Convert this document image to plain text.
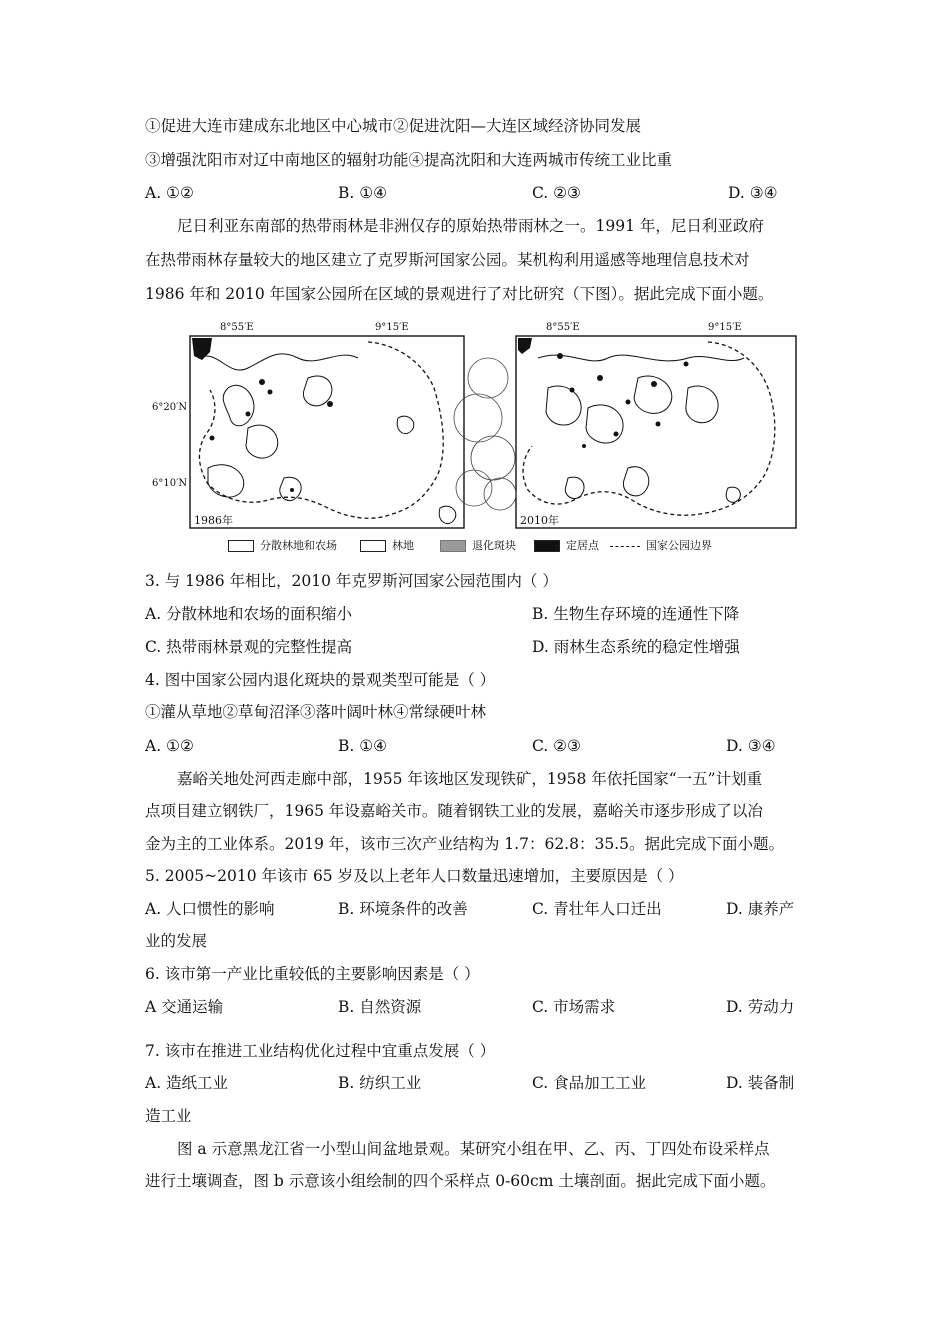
①促进大连市建成东北地区中心城市②促进沈阳—大连区域经济协同发展
③增强沈阳市对辽中南地区的辐射功能④提高沈阳和大连两城市传统工业比重
A. ①②	B. ①④	C. ②③	D. ③④
尼日利亚东南部的热带雨林是非洲仅存的原始热带雨林之一。1991 年，尼日利亚政府
在热带雨林存量较大的地区建立了克罗斯河国家公园。某机构利用遥感等地理信息技术对
1986 年和 2010 年国家公园所在区域的景观进行了对比研究（下图）。据此完成下面小题。
8°55′E	9°15′E	8°55′E	9°15′E
6°20′N
6°10′N
1986年	2010年
分散林地和农场	林地	退化斑块	定居点	国家公园边界
3. 与 1986 年相比，2010 年克罗斯河国家公园范围内（ ）
A. 分散林地和农场的面积缩小	B. 生物生存环境的连通性下降
C. 热带雨林景观的完整性提高	D. 雨林生态系统的稳定性增强
4. 图中国家公园内退化斑块的景观类型可能是（ ）
①灌从草地②草甸沼泽③落叶阔叶林④常绿硬叶林
A. ①②	B. ①④	C. ②③	D. ③④
嘉峪关地处河西走廊中部，1955 年该地区发现铁矿，1958 年依托国家“一五”计划重
点项目建立钢铁厂，1965 年设嘉峪关市。随着钢铁工业的发展，嘉峪关市逐步形成了以冶
金为主的工业体系。2019 年，该市三次产业结构为 1.7：62.8：35.5。据此完成下面小题。
5. 2005~2010 年该市 65 岁及以上老年人口数量迅速增加，主要原因是（ ）
A. 人口惯性的影响	B. 环境条件的改善	C. 青壮年人口迁出	D. 康养产
业的发展
6. 该市第一产业比重较低的主要影响因素是（ ）
A 交通运输	B. 自然资源	C. 市场需求	D. 劳动力
7. 该市在推进工业结构优化过程中宜重点发展（ ）
A. 造纸工业	B. 纺织工业	C. 食品加工工业	D. 装备制
造工业
图 a 示意黑龙江省一小型山间盆地景观。某研究小组在甲、乙、丙、丁四处布设采样点
进行土壤调查，图 b 示意该小组绘制的四个采样点 0-60cm 土壤剖面。据此完成下面小题。
